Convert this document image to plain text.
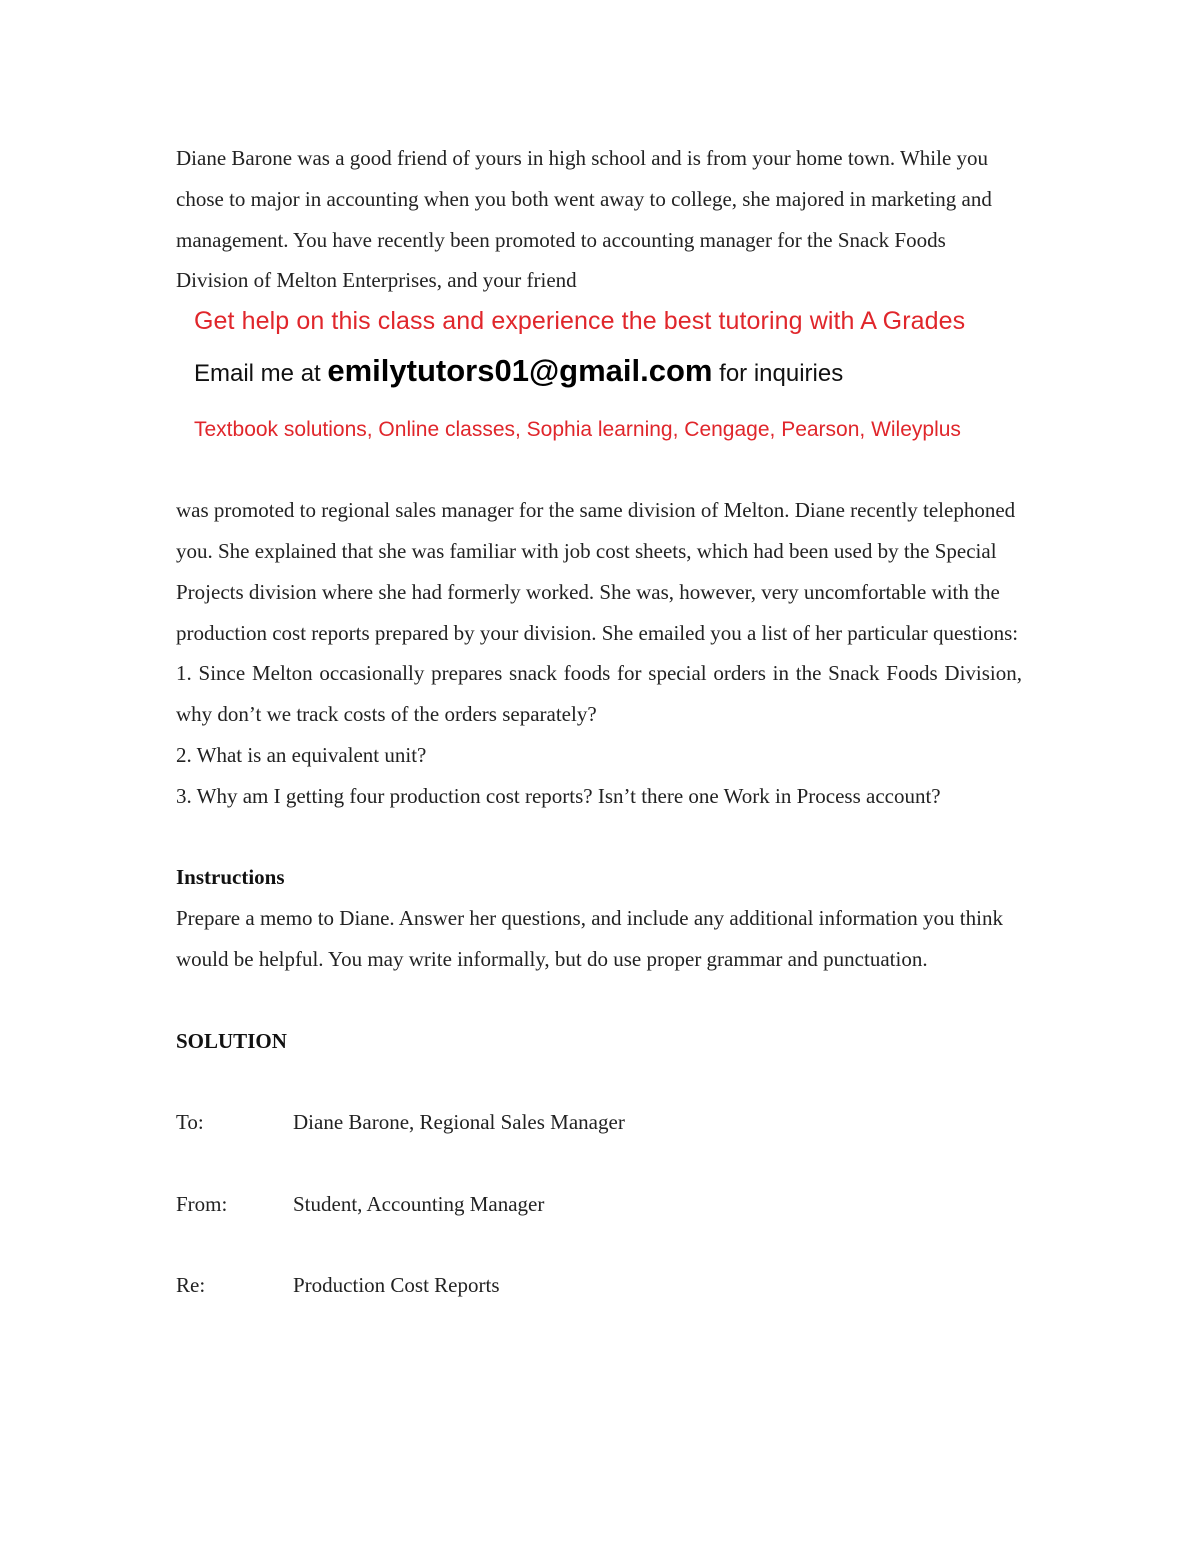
Diane Barone was a good friend of yours in high school and is from your home town. While you chose to major in accounting when you both went away to college, she majored in marketing and management. You have recently been promoted to accounting manager for the Snack Foods Division of Melton Enterprises, and your friend

Get help on this class and experience the best tutoring with A Grades
Email me at emilytutors01@gmail.com for inquiries
Textbook solutions, Online classes, Sophia learning, Cengage, Pearson, Wileyplus

was promoted to regional sales manager for the same division of Melton. Diane recently telephoned you. She explained that she was familiar with job cost sheets, which had been used by the Special Projects division where she had formerly worked. She was, however, very uncomfortable with the production cost reports prepared by your division. She emailed you a list of her particular questions:

1. Since Melton occasionally prepares snack foods for special orders in the Snack Foods Division, why don’t we track costs of the orders separately?

2. What is an equivalent unit?

3. Why am I getting four production cost reports? Isn’t there one Work in Process account?

Instructions

Prepare a memo to Diane. Answer her questions, and include any additional information you think would be helpful. You may write informally, but do use proper grammar and punctuation.

SOLUTION

To:	Diane Barone, Regional Sales Manager
From:	Student, Accounting Manager
Re:	Production Cost Reports
